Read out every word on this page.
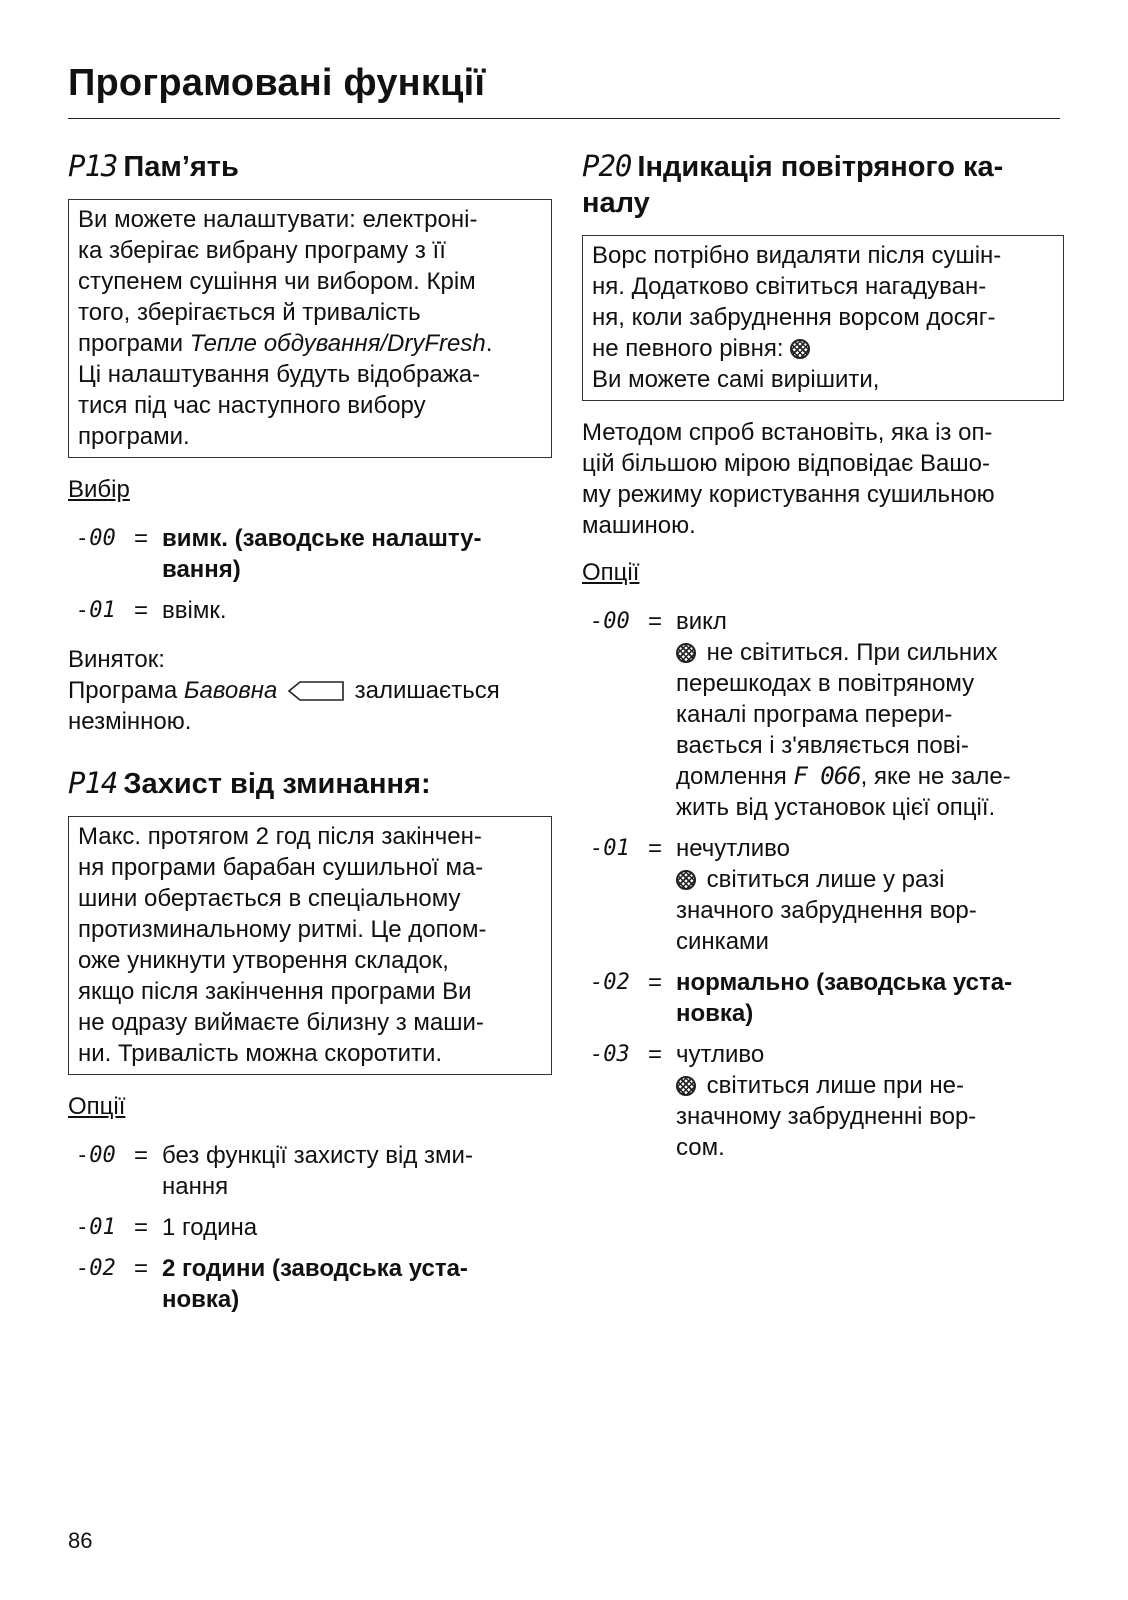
Програмовані функції
P13 Пам’ять

Ви можете налаштувати: електроні-

ка зберігає вибрану програму з її

ступенем сушіння чи вибором. Крім

того, зберігається й тривалість

програми Тепле обдування/DryFresh.

Ці налаштування будуть відобража-

тися під час наступного вибору

програми.

Вибір

-00 = вимк. (заводське налашту-
вання)
-01 = ввімк.

Виняток:
Програма Бавовна	залишається
незмінною.

P14 Захист від зминання:

Макс. протягом 2 год після закінчен-

ня програми барабан сушильної ма-

шини обертається в спеціальному

протизминальному ритмі. Це допом-

оже уникнути утворення складок,

якщо після закінчення програми Ви

не одразу виймаєте білизну з маши-

ни. Тривалість можна скоротити.

Опції

-00 = без функції захисту від зми-
нання
-01 = 1 година
-02 = 2 години (заводська уста-
новка)
P20 Індикація повітряного ка-
налу

Ворс потрібно видаляти після сушін-

ня. Додатково світиться нагадуван-

ня, коли забруднення ворсом досяг-

не певного рівня:

Ви можете самі вирішити,

Методом спроб встановіть, яка із оп-
цій більшою мірою відповідає Вашо-
му режиму користування сушильною
машиною.

Опції

-00 = викл
не світиться. При сильних
перешкодах в повітряному
каналі програма перери-
вається і з'являється пові-
домлення F 066, яке не зале-
жить від установок цієї опції.
-01 = нечутливо
світиться лише у разі
значного забруднення вор-
синками
-02 = нормально (заводська уста-
новка)
-03 = чутливо
світиться лише при не-
значному забрудненні вор-
сом.
86
